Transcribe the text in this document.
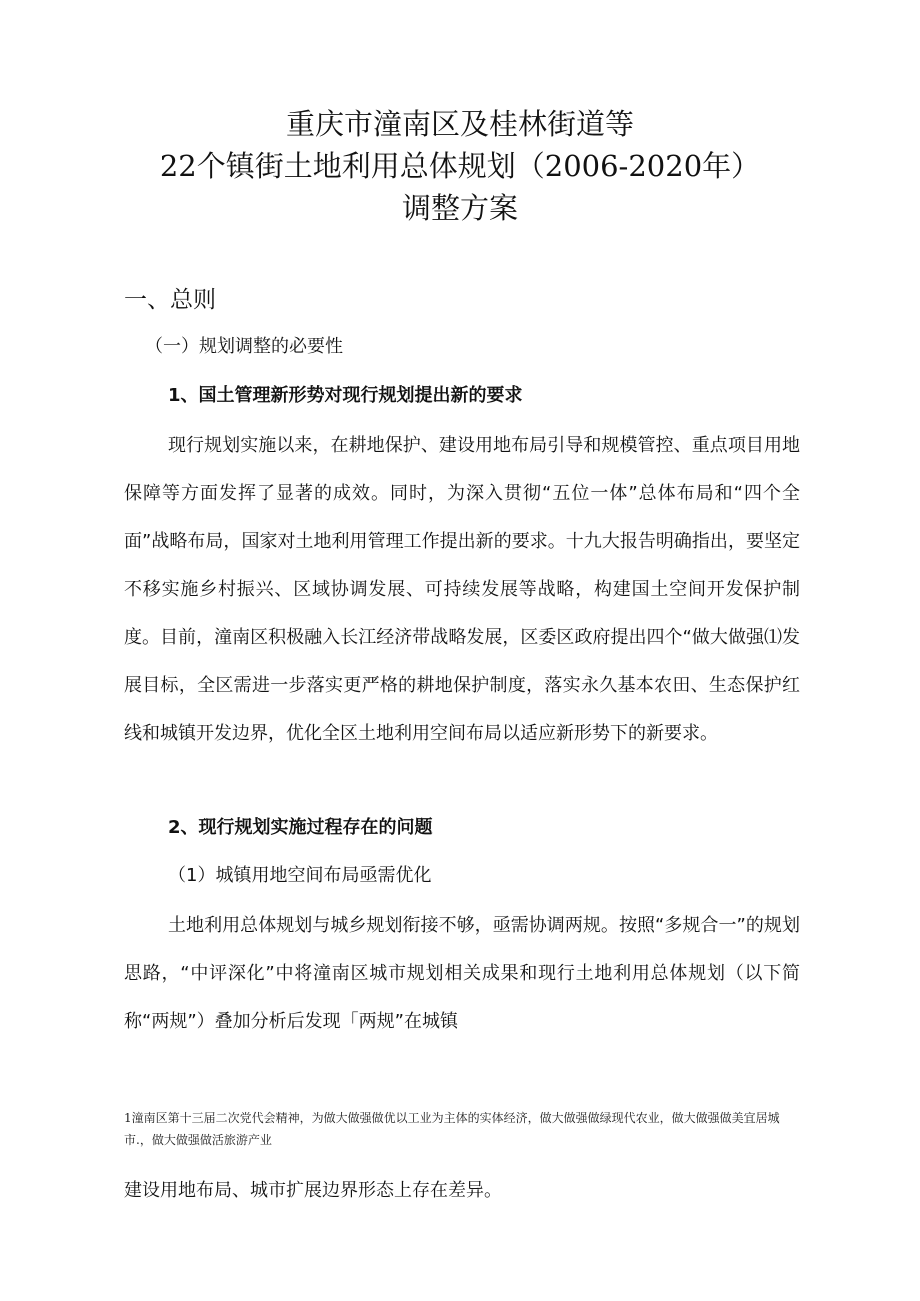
重庆市潼南区及桂林街道等
22个镇街土地利用总体规划（2006-2020年）
调整方案
一、总则
（一）规划调整的必要性
1、国土管理新形势对现行规划提出新的要求

现行规划实施以来，在耕地保护、建设用地布局引导和规模管控、重点项目用地保障等方面发挥了显著的成效。同时，为深入贯彻“五位一体”总体布局和“四个全面”战略布局，国家对土地利用管理工作提出新的要求。十九大报告明确指出，要坚定不移实施乡村振兴、区域协调发展、可持续发展等战略，构建国土空间开发保护制度。目前，潼南区积极融入长江经济带战略发展，区委区政府提出四个“做大做强⑴发展目标，全区需进一步落实更严格的耕地保护制度，落实永久基本农田、生态保护红线和城镇开发边界，优化全区土地利用空间布局以适应新形势下的新要求。

2、现行规划实施过程存在的问题
（1）城镇用地空间布局亟需优化

土地利用总体规划与城乡规划衔接不够，亟需协调两规。按照“多规合一”的规划思路，“中评深化”中将潼南区城市规划相关成果和现行土地利用总体规划（以下简称“两规”）叠加分析后发现「两规”在城镇

1潼南区第十三届二次党代会精神，为做大做强做优以工业为主体的实体经济，做大做强做绿现代农业，做大做强做美宜居城市.，做大做强做活旅游产业

建设用地布局、城市扩展边界形态上存在差异。
